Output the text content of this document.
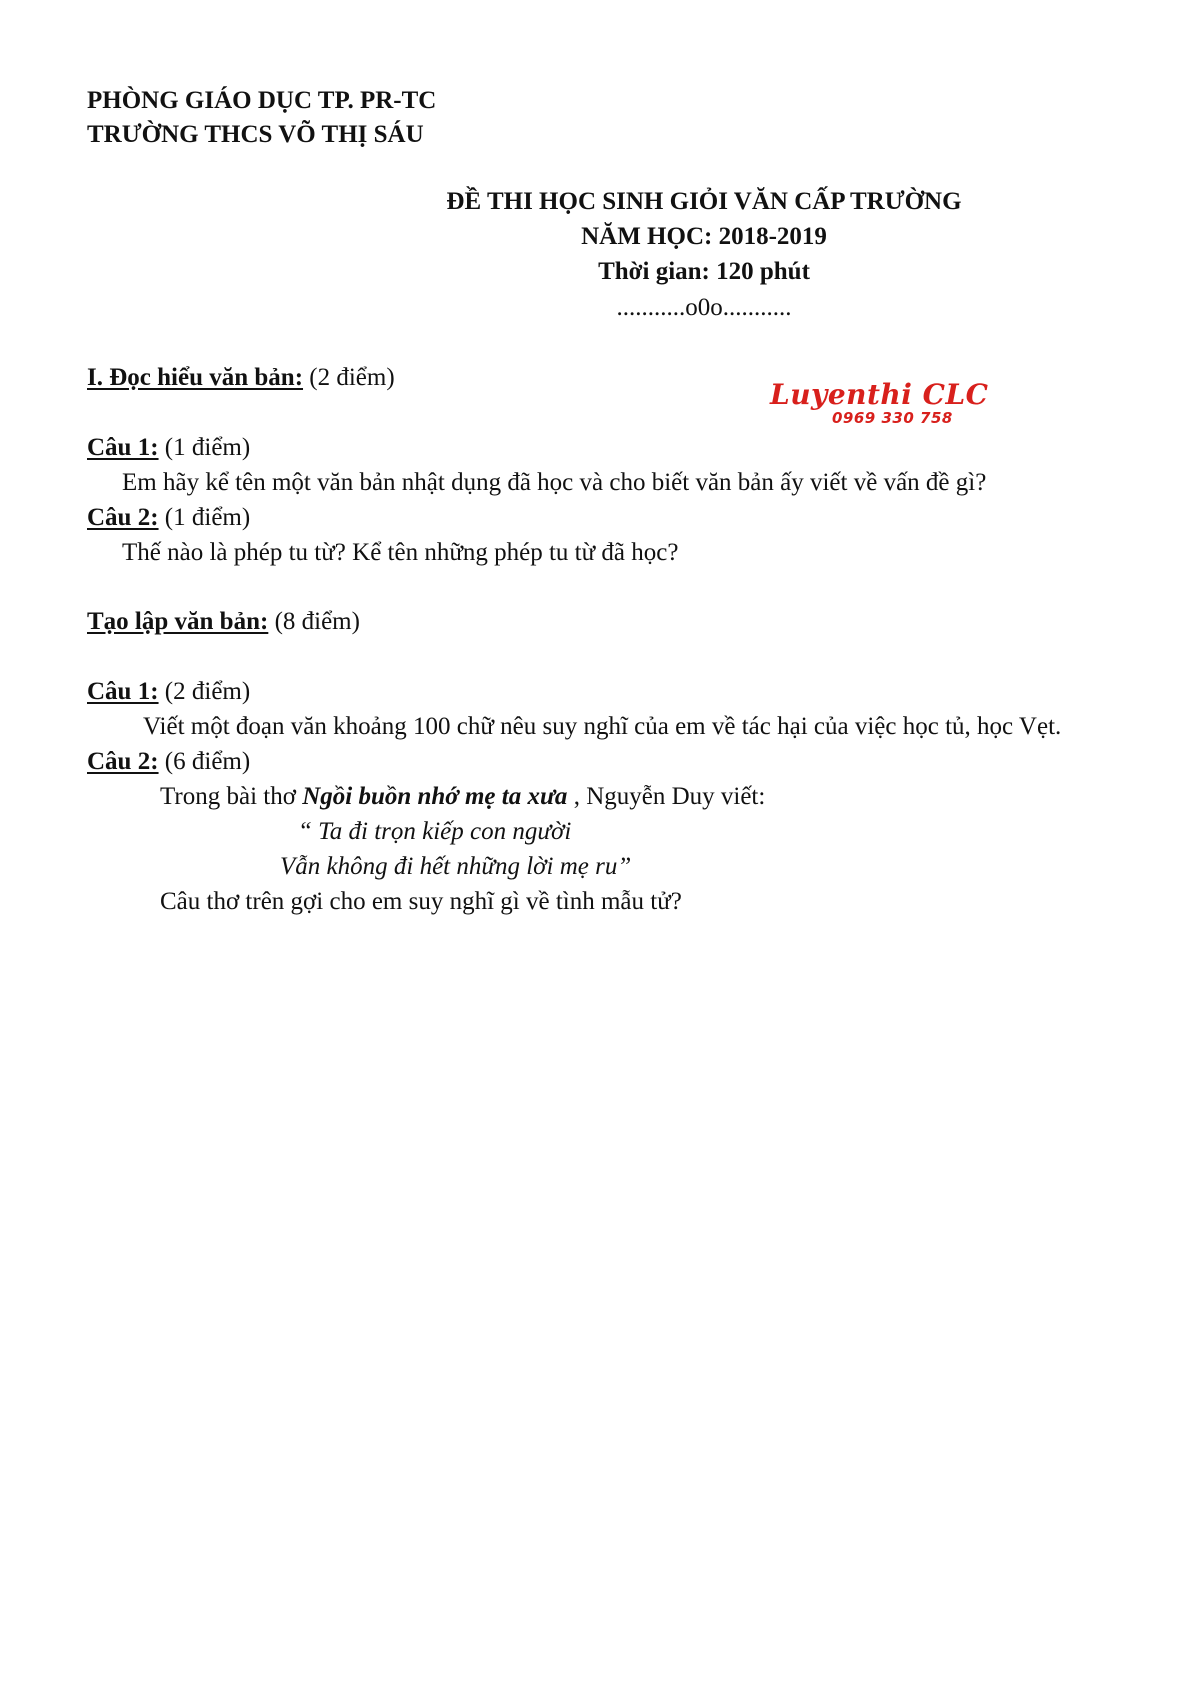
PHÒNG GIÁO DỤC TP. PR-TC
TRƯỜNG THCS VÕ THỊ SÁU
ĐỀ THI HỌC SINH GIỎI VĂN CẤP TRƯỜNG
NĂM HỌC: 2018-2019
Thời gian: 120 phút
...........o0o...........
Luyenthi CLC
0969 330 758
I. Đọc hiểu văn bản: (2 điểm)
Câu 1: (1 điểm)
Em hãy kể tên một văn bản nhật dụng đã học và cho biết văn bản ấy viết về vấn đề gì?
Câu 2: (1 điểm)
Thế nào là phép tu từ? Kể tên những phép tu từ đã học?
Tạo lập văn bản: (8 điểm)
Câu 1: (2 điểm)
Viết một đoạn văn khoảng 100 chữ nêu suy nghĩ của em về tác hại của việc học tủ, học Vẹt.
Câu 2: (6 điểm)
Trong bài thơ Ngồi buồn nhớ mẹ ta xưa , Nguyễn Duy viết:
“ Ta đi trọn kiếp con người
Vẫn không đi hết những lời mẹ ru”
Câu thơ trên gợi cho em suy nghĩ gì về tình mẫu tử?
